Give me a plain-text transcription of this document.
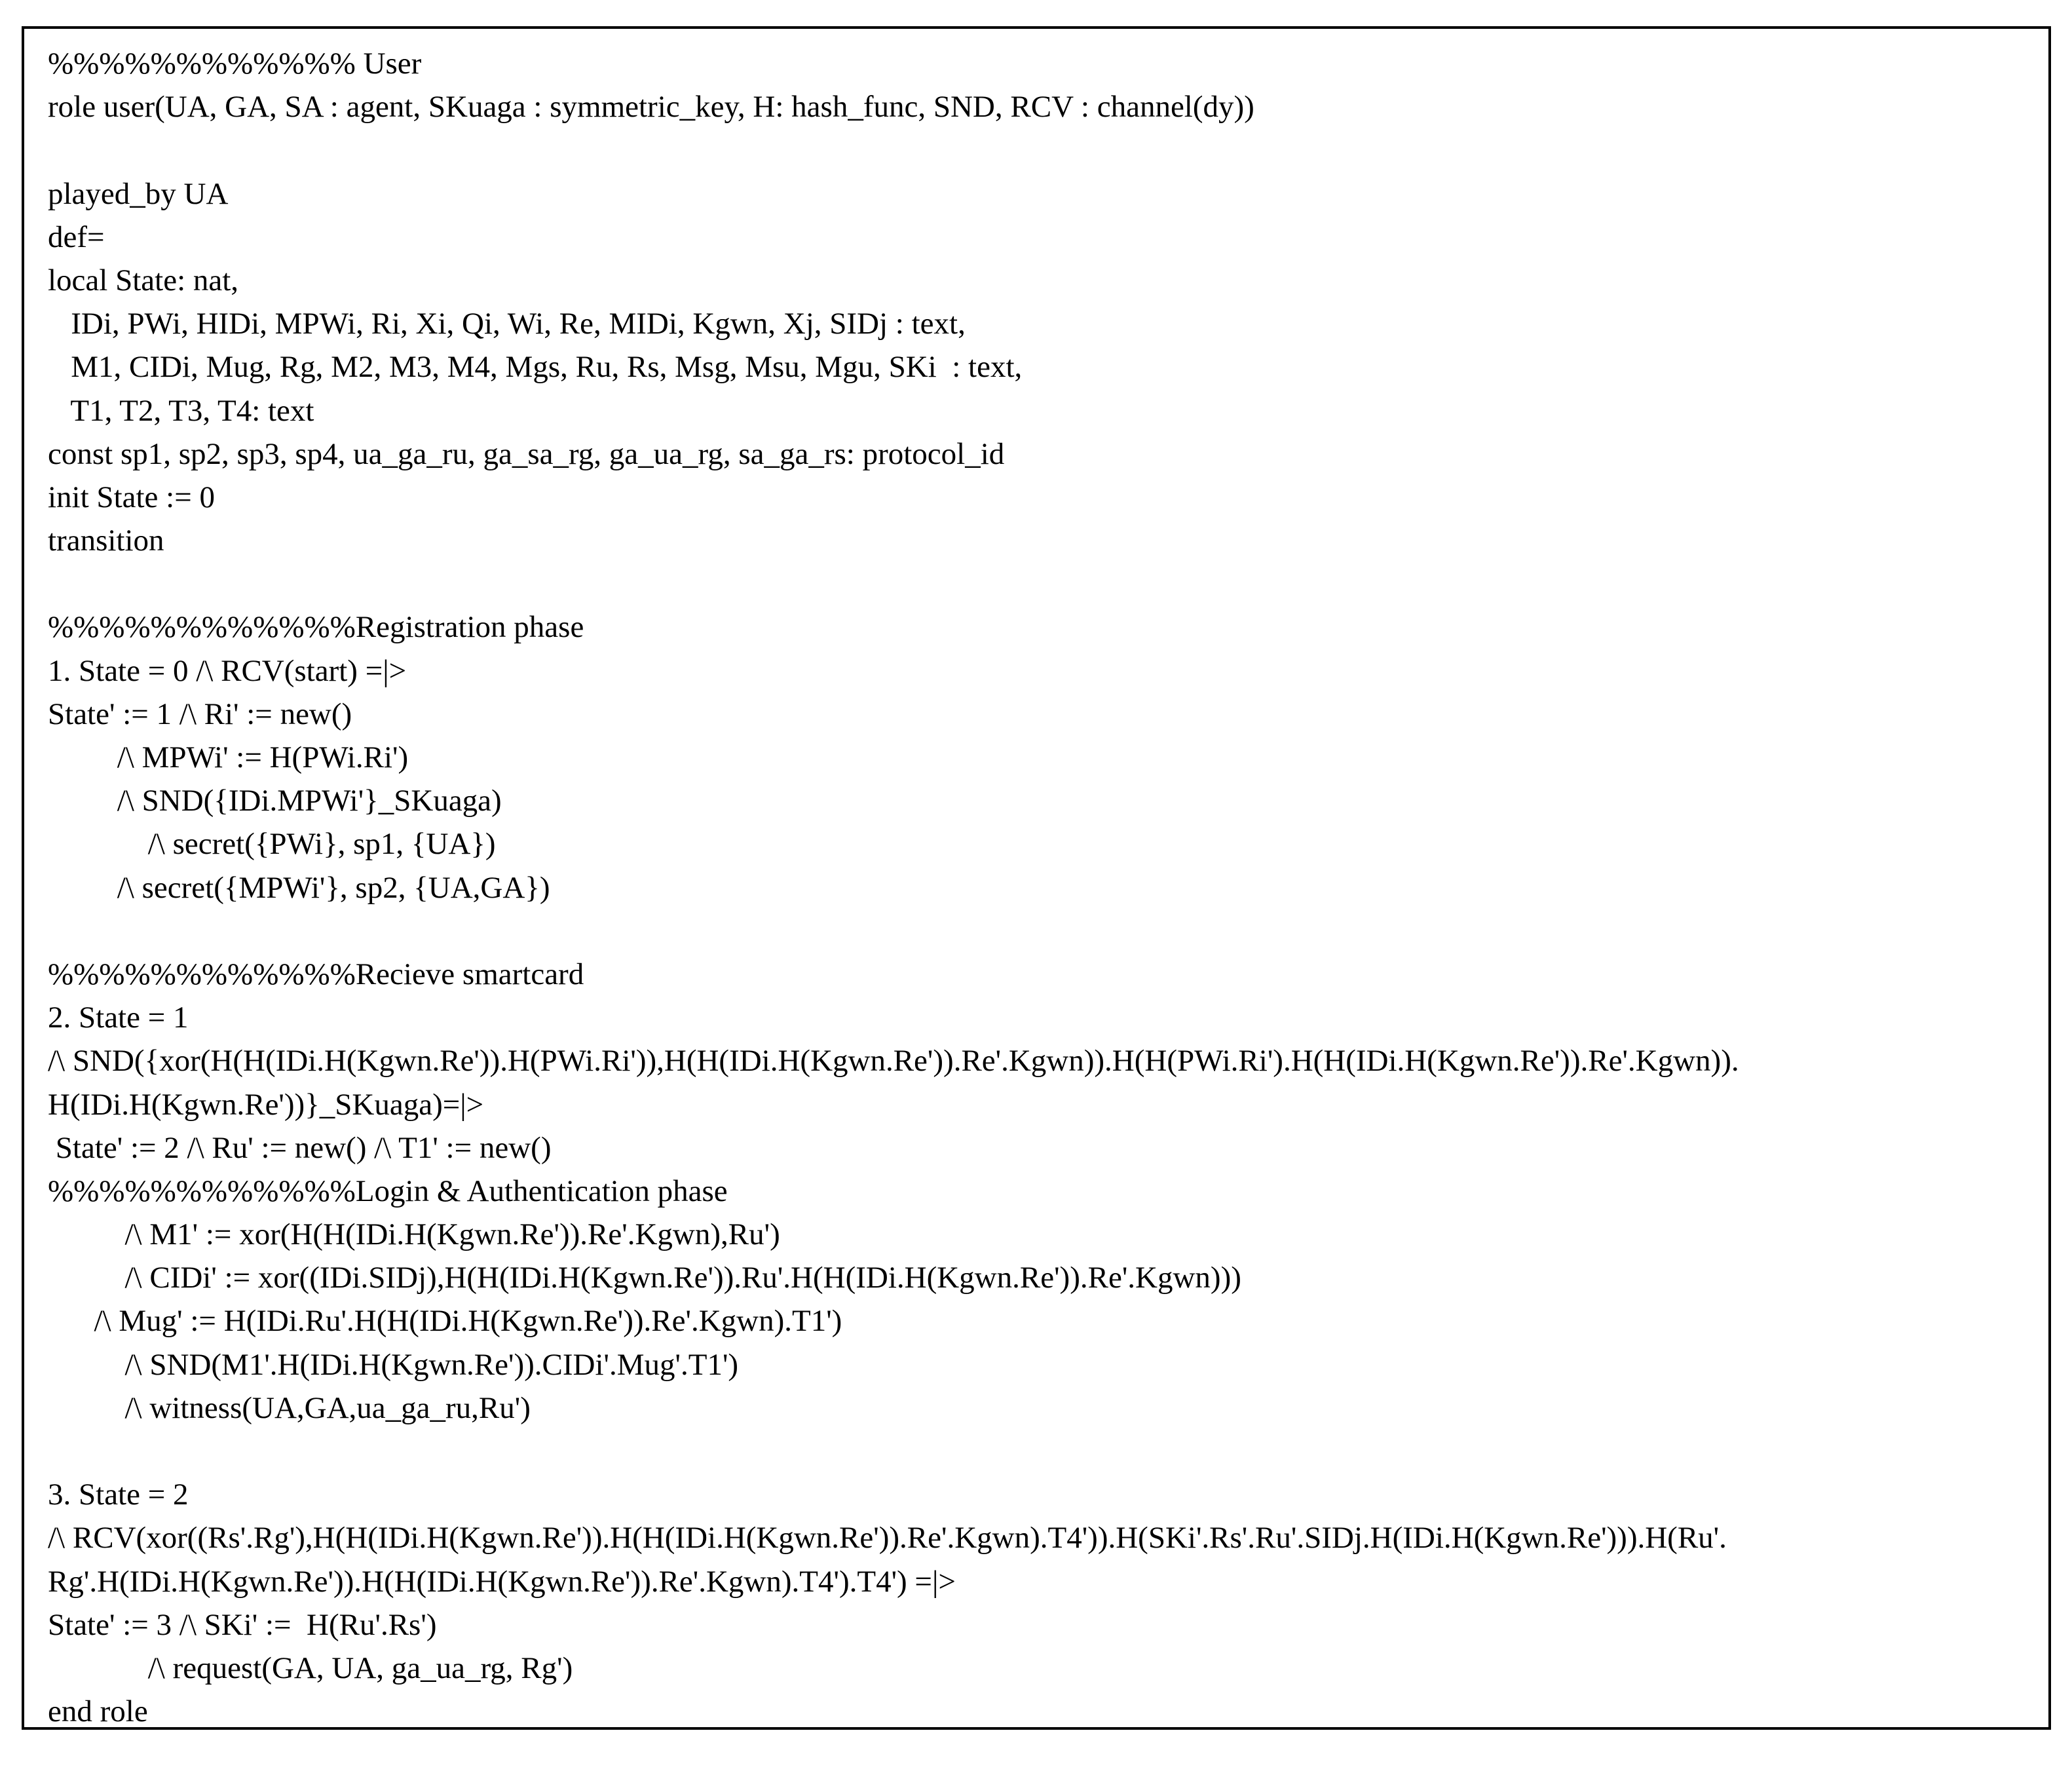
%%%%%%%%%%%% User
role user(UA, GA, SA : agent, SKuaga : symmetric_key, H: hash_func, SND, RCV : channel(dy))
played_by UA
def=
local State: nat,
IDi, PWi, HIDi, MPWi, Ri, Xi, Qi, Wi, Re, MIDi, Kgwn, Xj, SIDj : text,
M1, CIDi, Mug, Rg, M2, M3, M4, Mgs, Ru, Rs, Msg, Msu, Mgu, SKi  : text,
T1, T2, T3, T4: text
const sp1, sp2, sp3, sp4, ua_ga_ru, ga_sa_rg, ga_ua_rg, sa_ga_rs: protocol_id
init State := 0
transition
%%%%%%%%%%%%Registration phase
1. State = 0 /\ RCV(start) =|>
State' := 1 /\ Ri' := new()
/\ MPWi' := H(PWi.Ri')
/\ SND({IDi.MPWi'}_SKuaga)
/\ secret({PWi}, sp1, {UA})
/\ secret({MPWi'}, sp2, {UA,GA})
%%%%%%%%%%%%Recieve smartcard
2. State = 1
/\ SND({xor(H(H(IDi.H(Kgwn.Re')).H(PWi.Ri')),H(H(IDi.H(Kgwn.Re')).Re'.Kgwn)).H(H(PWi.Ri').H(H(IDi.H(Kgwn.Re')).Re'.Kgwn)).
H(IDi.H(Kgwn.Re'))}_SKuaga)=|>
State' := 2 /\ Ru' := new() /\ T1' := new()
%%%%%%%%%%%%Login & Authentication phase
/\ M1' := xor(H(H(IDi.H(Kgwn.Re')).Re'.Kgwn),Ru')
/\ CIDi' := xor((IDi.SIDj),H(H(IDi.H(Kgwn.Re')).Ru'.H(H(IDi.H(Kgwn.Re')).Re'.Kgwn)))
/\ Mug' := H(IDi.Ru'.H(H(IDi.H(Kgwn.Re')).Re'.Kgwn).T1')
/\ SND(M1'.H(IDi.H(Kgwn.Re')).CIDi'.Mug'.T1')
/\ witness(UA,GA,ua_ga_ru,Ru')
3. State = 2
/\ RCV(xor((Rs'.Rg'),H(H(IDi.H(Kgwn.Re')).H(H(IDi.H(Kgwn.Re')).Re'.Kgwn).T4')).H(SKi'.Rs'.Ru'.SIDj.H(IDi.H(Kgwn.Re'))).H(Ru'.
Rg'.H(IDi.H(Kgwn.Re')).H(H(IDi.H(Kgwn.Re')).Re'.Kgwn).T4').T4') =|>
State' := 3 /\ SKi' :=  H(Ru'.Rs')
/\ request(GA, UA, ga_ua_rg, Rg')
end role
